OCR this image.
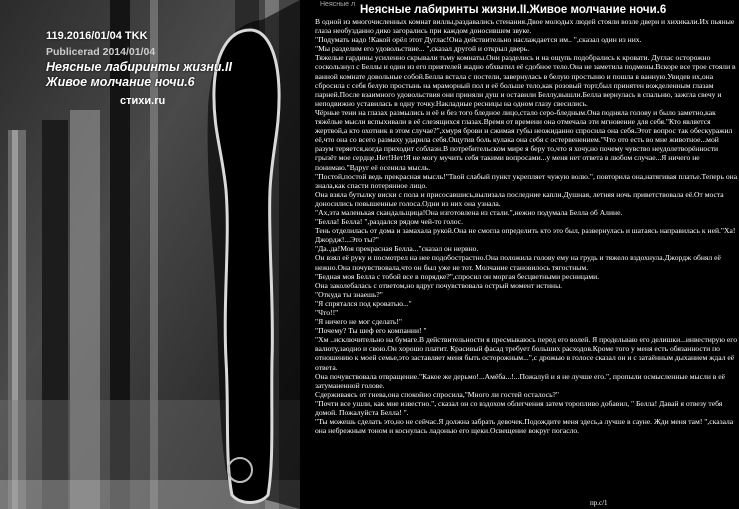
119.2016/01/04 TKK
Publicerad 2014/01/04
Неясные лабиринты жизни.II
Живое молчание ночи.6
стихи.ru
Неясные л Неясные лабиринты жизни.II.Живое молчание ночи.6

В одной из многочисленных комнат виллы,раздавались стенания.Двое молодых людей стояли возле двери и хихикали.Их пьяные глаза необузданно дико загорались при каждом доносившем звуке.

"Подумать надо !Какой орёл этот Дуглас!Она действительно наслаждается им.. ",сказал один из них.

"Мы разделим его удовольствие... ",сказал другой и открыл дверь.

Тяжелые гардины усиленно скрывали тьму комнаты.Они разделись и на ощупь подобрались к кровати. Дуглас осторожно соскользнул с Беллы и один из его приятелей жадно обхватил её сдобное тело.Она не заметила подмены.Вскоре все трое стояли в ванной комнате довольные собой.Белла встала с постели, завернулась в белую простыню и пошла в ванную.Увидев их,она сбросила с себя белую простынь на мраморный пол и её больше тело,как розовый торт,был принятен вожделенным глазам парней.После взаимного удовольствия они приняли душ и оставили Беллу,вышли.Белла вернулась в спальню, зажгла свечу и неподвижно уставилась в одну точку.Накладные ресницы на одном глазу свесились.

Чёрные тени на глазах размылись и её и без того бледное лицо,стало серо-бледным.Она подняла голову и было заметно,как тяжёлые мысли вспыхивали в её слезящихся глазах.Время от времени она отмечала эти мгновение для себя."Кто является жертвой,а кто охотник в этом случае?",хмуря брови и сжимая губы неожиданно спросила она себя.Этот вопрос так обескуражил её,что она со всего размаху ударила себя.Ощутив боль кулака она себя с остервенением."Что ото есть во мне животное...мой разум теряется,когда приходит соблазн.В потребительском мире я беру то,что я хочу,но почему чувство неудолетворённости грызёт мое сердце.Нет!Нет!Я не могу мучить себя такими вопросами...у меня нет ответа в любом случае...Я ничего не понимаю."Вдруг её осенила мысль.

"Постой,постой ведь прекрасная мысль!"Твой слабый пункт укрепляет чужую волю.", повторила она,натягивая платье.Теперь она знала,как спасти потерянное лицо.

Она взяла бутылку виски с пола и присосавшись,вылизала последние капли.Душная, летняя ночь приветствовала её.От моста доносились повышенные голоса.Одни из них она узнала.

"Ах,эта маленькая скандальщица!Она изготовлена из стали.",нежно подумала Белла об Алине.

"Белла! Белла! ",раздался рядом чей-то голос.

Тень отделилась от дома и замахала рукой.Она не смогла определить кто это был, развернулась и шатаясь направилась к ней."Ха! Джордж!...Это ты?"

"Да..да!Моя прекрасная Белла..."сказал он нервно.

Он взял её руку и посмотрел на нее подобострастно.Она положила голову ему на грудь и тяжело вздохнула.Джордж обнял её нежно.Она почувствовала,что он был уже не тот. Молчание становилось тягостным.

"Бедная моя Белла с тобой все в порядке?",спросил он моргая бесцветными ресницами.

Она заколебалась с ответом,но вдруг почувствовала острый момент истины.

"Откуда ты знаешь?"

"Я спрятался под кроватью..."

"Что!!"

"Я ничего не мог сделать!"

"Почему? Ты шеф его компании! "

"Хм ..исключительно на бумаге.В действительности я пресмыкаюсь перед его волей. Я продельваю его делишки...инвестирую его валюту,заодно и свою.Он хорошо платит. Красивый фасад требует больших расходов.Кроме того у меня есть обязанности по отношению к моей семье,это заставляет меня быть осторожным...",с дрожью в голосе сказал он и с затаённым дыханием ждал её ответа.

Она почувствовала отвращение."Какое же дерьмо!...Амёба...!...Пожалуй и я не лучше его.", пропыли осмысленные мысли в её затуманенной голове.

Сдерживаясь от гнева,она спокойно спросила,"Много ли гостей осталось?"

"Почти все ушли, как мне известно.", сказал он со вздохом облегчения затем торопливо добавил, " Белла! Давай я отвезу тебя домой. Пожалуйста Белла! ".

"Ты можешь сделать это,но не сейчас.Я должна забрать девочек.Подождите меня здесь,а лучше в сауне. Жди меня там! ",сказала она небрежным тоном и коснулась ладонью его щеки.Освещение вокруг погасло.

пр.с/1
